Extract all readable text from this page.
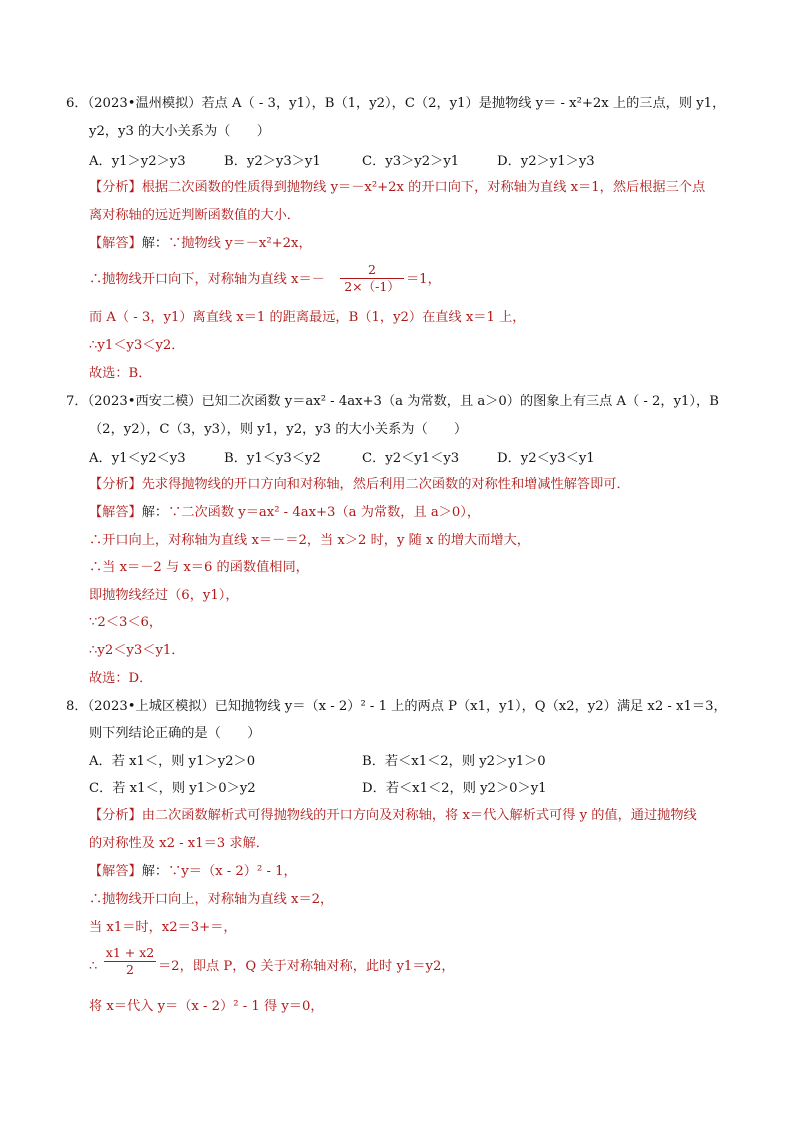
6．（2023•温州模拟）若点 A（ - 3，y1），B（1，y2），C（2，y1）是抛物线 y＝ - x²+2x 上的三点，则 y1，
y2，y3 的大小关系为（　　）
A．y1＞y2＞y3	B．y2＞y3＞y1	C．y3＞y2＞y1	D．y2＞y1＞y3
【分析】根据二次函数的性质得到抛物线 y＝－x²+2x 的开口向下，对称轴为直线 x＝1，然后根据三个点
离对称轴的远近判断函数值的大小．
【解答】解：∵抛物线 y＝－x²+2x，
∴抛物线开口向下，对称轴为直线 x＝－
2
2×（-1） ＝1，
而 A（ - 3，y1）离直线 x＝1 的距离最远，B（1，y2）在直线 x＝1 上，
∴y1＜y3＜y2．
故选：B．
7．（2023•西安二模）已知二次函数 y＝ax² - 4ax+3（a 为常数，且 a＞0）的图象上有三点 A（ - 2，y1），B
（2，y2），C（3，y3），则 y1，y2，y3 的大小关系为（　　）
A．y1＜y2＜y3	B．y1＜y3＜y2	C．y2＜y1＜y3	D．y2＜y3＜y1
【分析】先求得抛物线的开口方向和对称轴，然后利用二次函数的对称性和增减性解答即可．
【解答】解：∵二次函数 y＝ax² - 4ax+3（a 为常数，且 a＞0），
∴开口向上，对称轴为直线 x＝－＝2，当 x＞2 时，y 随 x 的增大而增大，
∴当 x＝－2 与 x＝6 的函数值相同，
即抛物线经过（6，y1），
∵2＜3＜6，
∴y2＜y3＜y1．
故选：D．
8．（2023•上城区模拟）已知抛物线 y＝（x - 2）² - 1 上的两点 P（x1，y1），Q（x2，y2）满足 x2 - x1＝3，
则下列结论正确的是（　　）
A．若 x1＜，则 y1＞y2＞0	B．若＜x1＜2，则 y2＞y1＞0
C．若 x1＜，则 y1＞0＞y2	D．若＜x1＜2，则 y2＞0＞y1
【分析】由二次函数解析式可得抛物线的开口方向及对称轴，将 x＝代入解析式可得 y 的值，通过抛物线
的对称性及 x2 - x1＝3 求解．
【解答】解：∵y＝（x - 2）² - 1，
∴抛物线开口向上，对称轴为直线 x＝2，
当 x1＝时，x2＝3+＝，
∴
x1 + x2
2	＝2，即点 P，Q 关于对称轴对称，此时 y1＝y2，
将 x＝代入 y＝（x - 2）² - 1 得 y＝0，
